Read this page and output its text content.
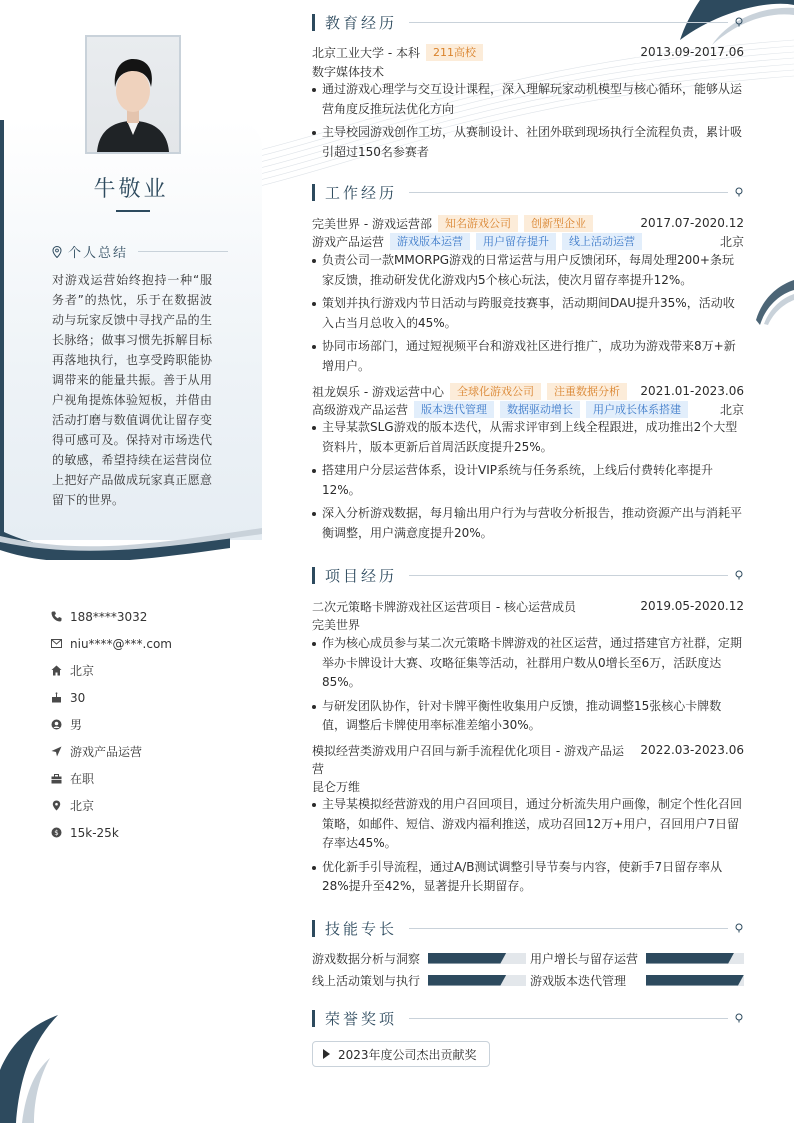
牛敬业
个人总结
对游戏运营始终抱持一种“服务者”的热忱，乐于在数据波动与玩家反馈中寻找产品的生长脉络；做事习惯先拆解目标再落地执行，也享受跨职能协调带来的能量共振。善于从用户视角提炼体验短板，并借由活动打磨与数值调优让留存变得可感可及。保持对市场迭代的敏感，希望持续在运营岗位上把好产品做成玩家真正愿意留下的世界。
188****3032
niu****@***.com
北京
30
男
游戏产品运营
在职
北京
$ 15k-25k
教育经历
北京工业大学 - 本科	211高校	2013.09-2017.06
数字媒体技术
通过游戏心理学与交互设计课程，深入理解玩家动机模型与核心循环，能够从运营角度反推玩法优化方向
主导校园游戏创作工坊，从赛制设计、社团外联到现场执行全流程负责，累计吸引超过150名参赛者
工作经历
完美世界 - 游戏运营部	知名游戏公司	创新型企业	2017.07-2020.12
游戏产品运营	游戏版本运营	用户留存提升	线上活动运营	北京
负责公司一款MMORPG游戏的日常运营与用户反馈闭环，每周处理200+条玩家反馈，推动研发优化游戏内5个核心玩法，使次月留存率提升12%。
策划并执行游戏内节日活动与跨服竞技赛事，活动期间DAU提升35%，活动收入占当月总收入的45%。
协同市场部门，通过短视频平台和游戏社区进行推广，成功为游戏带来8万+新增用户。
祖龙娱乐 - 游戏运营中心	全球化游戏公司	注重数据分析	2021.01-2023.06
高级游戏产品运营	版本迭代管理	数据驱动增长	用户成长体系搭建	北京
主导某款SLG游戏的版本迭代，从需求评审到上线全程跟进，成功推出2个大型资料片，版本更新后首周活跃度提升25%。
搭建用户分层运营体系，设计VIP系统与任务系统，上线后付费转化率提升12%。
深入分析游戏数据，每月输出用户行为与营收分析报告，推动资源产出与消耗平衡调整，用户满意度提升20%。
项目经历
二次元策略卡牌游戏社区运营项目 - 核心运营成员	2019.05-2020.12
完美世界
作为核心成员参与某二次元策略卡牌游戏的社区运营，通过搭建官方社群，定期举办卡牌设计大赛、攻略征集等活动，社群用户数从0增长至6万，活跃度达85%。
与研发团队协作，针对卡牌平衡性收集用户反馈，推动调整15张核心卡牌数值，调整后卡牌使用率标准差缩小30%。
模拟经营类游戏用户召回与新手流程优化项目 - 游戏产品运 2022.03-2023.06
营
昆仑万维
主导某模拟经营游戏的用户召回项目，通过分析流失用户画像，制定个性化召回策略，如邮件、短信、游戏内福利推送，成功召回12万+用户，召回用户7日留存率达45%。
优化新手引导流程，通过A/B测试调整引导节奏与内容，使新手7日留存率从28%提升至42%，显著提升长期留存。
技能专长
游戏数据分析与洞察	用户增长与留存运营
线上活动策划与执行	游戏版本迭代管理
荣誉奖项
2023年度公司杰出贡献奖
